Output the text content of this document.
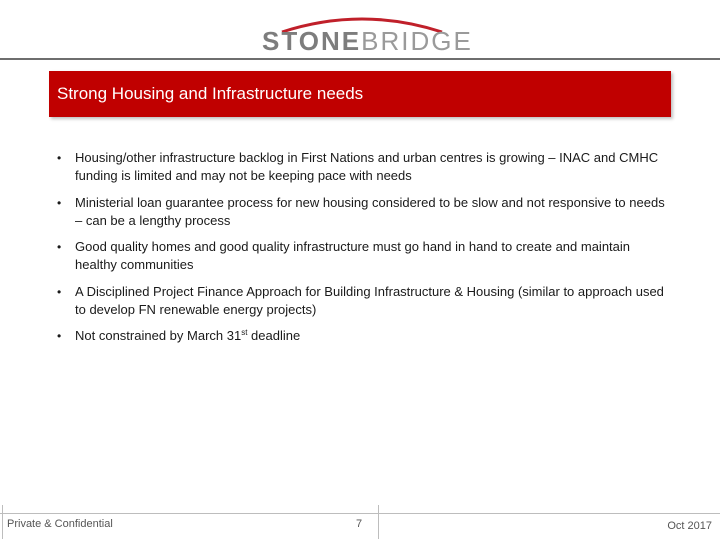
STONEBRIDGE
Strong Housing and Infrastructure needs
• Housing/other infrastructure backlog in First Nations and urban centres is growing – INAC and CMHC funding is limited and may not be keeping pace with needs
• Ministerial loan guarantee process for new housing considered to be slow and not responsive to needs – can be a lengthy process
• Good quality homes and good quality infrastructure must go hand in hand to create and maintain healthy communities
• A Disciplined Project Finance Approach for Building Infrastructure & Housing (similar to approach used to develop FN renewable energy projects)
• Not constrained by March 31st deadline
Private & Confidential	7	Oct 2017
